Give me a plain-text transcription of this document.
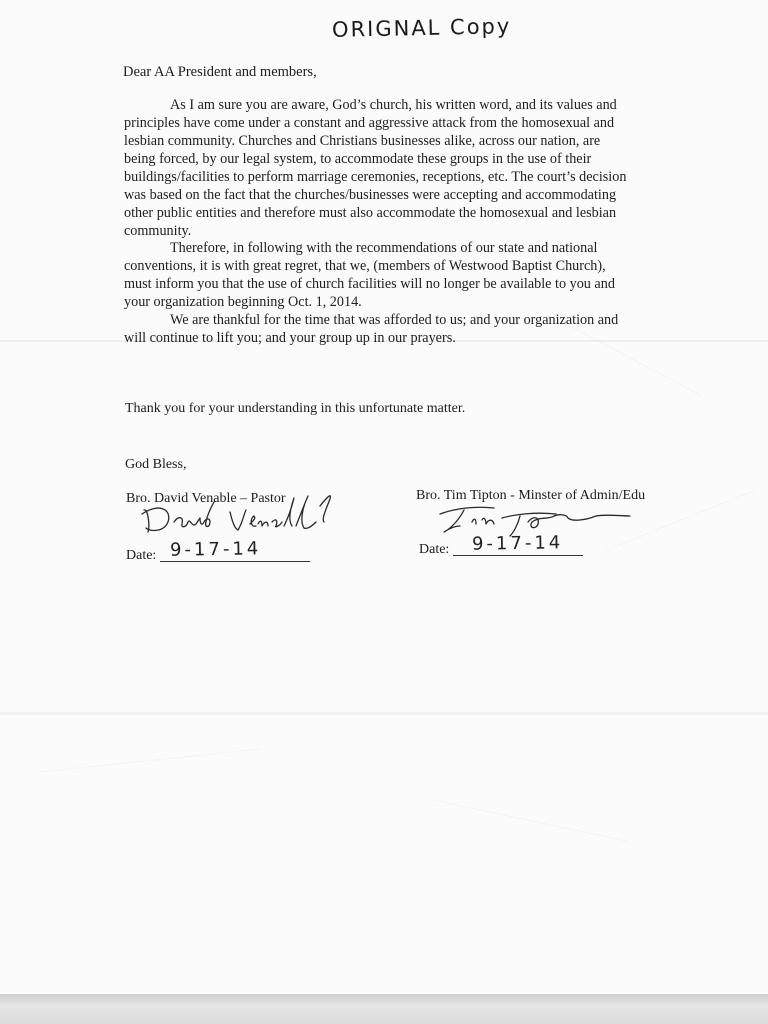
ORIGNAL Copy
Dear AA President and members,
As I am sure you are aware, God’s church, his written word, and its values and
principles have come under a constant and aggressive attack from the homosexual and
lesbian community. Churches and Christians businesses alike, across our nation, are
being forced, by our legal system, to accommodate these groups in the use of their
buildings/facilities to perform marriage ceremonies, receptions, etc. The court’s decision
was based on the fact that the churches/businesses were accepting and accommodating
other public entities and therefore must also accommodate the homosexual and lesbian
community.
Therefore, in following with the recommendations of our state and national
conventions, it is with great regret, that we, (members of Westwood Baptist Church),
must inform you that the use of church facilities will no longer be available to you and
your organization beginning Oct. 1, 2014.
We are thankful for the time that was afforded to us; and your organization and
will continue to lift you; and your group up in our prayers.
Thank you for your understanding in this unfortunate matter.
God Bless,
Bro. David Venable – Pastor
Date: 9-17-14
Bro. Tim Tipton - Minster of Admin/Edu
Date: 9-17-14
